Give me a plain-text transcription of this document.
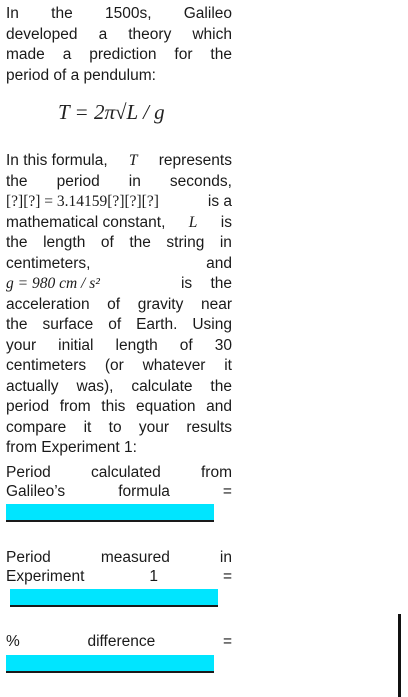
In the 1500s, Galileo
developed a theory which
made a prediction for the
period of a pendulum:
T = 2π√L / g
In this formula, T represents
the period in seconds,
[?][?] = 3.14159[?][?][?]	is a
mathematical constant, L is
the length of the string in
centimeters,	and
g = 980 cm / s²	is the
acceleration of gravity near
the surface of Earth. Using
your initial length of 30
centimeters (or whatever it
actually was), calculate the
period from this equation and
compare it to your results
from Experiment 1:
Period	calculated	from
Galileo’s	formula	=
Period	measured	in
Experiment	1	=
%	difference	=
